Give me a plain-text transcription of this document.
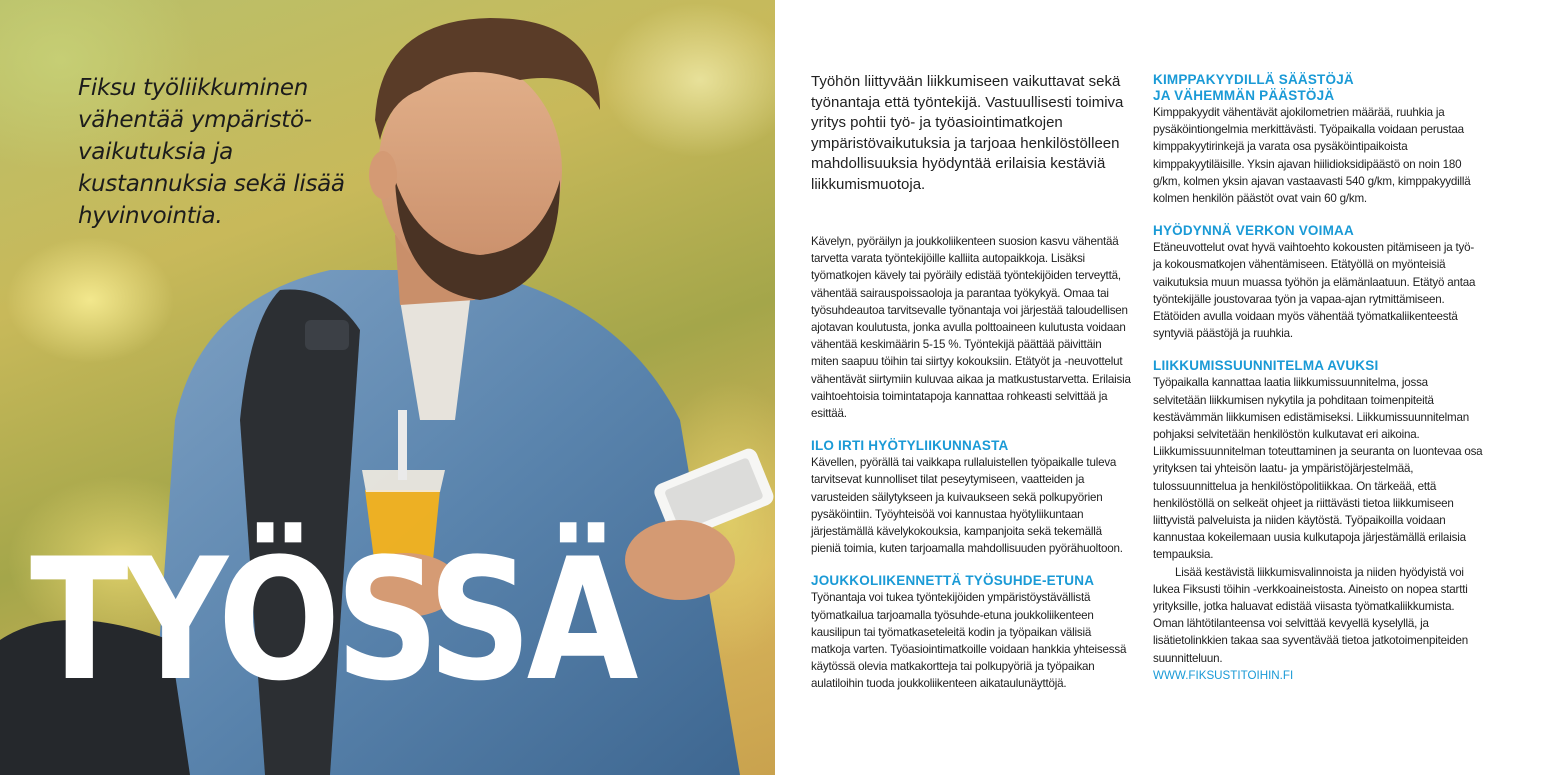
Fiksu työliikkuminen vähentää ympäristö-vaikutuksia ja kustannuksia sekä lisää hyvinvointia.

TYÖSSÄ

Työhön liittyvään liikkumiseen vaikuttavat sekä työnantaja että työntekijä. Vastuullisesti toimiva yritys pohtii työ- ja työasiointimatkojen ympäristövaikutuksia ja tarjoaa henkilöstölleen mahdollisuuksia hyödyntää erilaisia kestäviä liikkumismuotoja.

Kävelyn, pyöräilyn ja joukkoliikenteen suosion kasvu vähentää tarvetta varata työntekijöille kalliita autopaikkoja. Lisäksi työmatkojen kävely tai pyöräily edistää työntekijöiden terveyttä, vähentää sairauspoissaoloja ja parantaa työkykyä. Omaa tai työsuhdeautoa tarvitsevalle työnantaja voi järjestää taloudellisen ajotavan koulutusta, jonka avulla polttoaineen kulutusta voidaan vähentää keskimäärin 5-15 %. Työntekijä päättää päivittäin miten saapuu töihin tai siirtyy kokouksiin. Etätyöt ja -neuvottelut vähentävät siirtymiin kuluvaa aikaa ja matkustustarvetta. Erilaisia vaihtoehtoisia toimintatapoja kannattaa rohkeasti selvittää ja esittää.

ILO IRTI HYÖTYLIIKUNNASTA

Kävellen, pyörällä tai vaikkapa rullaluistellen työpaikalle tuleva tarvitsevat kunnolliset tilat peseytymiseen, vaatteiden ja varusteiden säilytykseen ja kuivaukseen sekä polkupyörien pysäköintiin. Työyhteisöä voi kannustaa hyötyliikuntaan järjestämällä kävelykokouksia, kampanjoita sekä tekemällä pieniä toimia, kuten tarjoamalla mahdollisuuden pyörähuoltoon.

JOUKKOLIIKENNETTÄ TYÖSUHDE-ETUNA

Työnantaja voi tukea työntekijöiden ympäristöystävällistä työmatkailua tarjoamalla työsuhde-etuna joukkoliikenteen kausilipun tai työmatkaseteleitä kodin ja työpaikan välisiä matkoja varten. Työasiointimatkoille voidaan hankkia yhteisessä käytössä olevia matkakortteja tai polkupyöriä ja työpaikan aulatiloihin tuoda joukkoliikenteen aikataulunäyttöjä.

KIMPPAKYYDILLÄ SÄÄSTÖJÄ JA VÄHEMMÄN PÄÄSTÖJÄ

Kimppakyydit vähentävät ajokilometrien määrää, ruuhkia ja pysäköintiongelmia merkittävästi. Työpaikalla voidaan perustaa kimppakyytirinkejä ja varata osa pysäköintipaikoista kimppakyytiläisille. Yksin ajavan hiilidioksidipäästö on noin 180 g/km, kolmen yksin ajavan vastaavasti 540 g/km, kimppakyydillä kolmen henkilön päästöt ovat vain 60 g/km.

HYÖDYNNÄ VERKON VOIMAA

Etäneuvottelut ovat hyvä vaihtoehto kokousten pitämiseen ja työ- ja kokousmatkojen vähentämiseen. Etätyöllä on myönteisiä vaikutuksia muun muassa työhön ja elämänlaatuun. Etätyö antaa työntekijälle joustovaraa työn ja vapaa-ajan rytmittämiseen. Etätöiden avulla voidaan myös vähentää työmatkaliikenteestä syntyviä päästöjä ja ruuhkia.

LIIKKUMISSUUNNITELMA AVUKSI

Työpaikalla kannattaa laatia liikkumissuunnitelma, jossa selvitetään liikkumisen nykytila ja pohditaan toimenpiteitä kestävämmän liikkumisen edistämiseksi. Liikkumissuunnitelman pohjaksi selvitetään henkilöstön kulkutavat eri aikoina. Liikkumissuunnitelman toteuttaminen ja seuranta on luontevaa osa yrityksen tai yhteisön laatu- ja ympäristöjärjestelmää, tulossuunnittelua ja henkilöstöpolitiikkaa. On tärkeää, että henkilöstöllä on selkeät ohjeet ja riittävästi tietoa liikkumiseen liittyvistä palveluista ja niiden käytöstä. Työpaikoilla voidaan kannustaa kokeilemaan uusia kulkutapoja järjestämällä erilaisia tempauksia.

Lisää kestävistä liikkumisvalinnoista ja niiden hyödyistä voi lukea Fiksusti töihin -verkkoaineistosta. Aineisto on nopea startti yrityksille, jotka haluavat edistää viisasta työmatkaliikkumista. Oman lähtötilanteensa voi selvittää kevyellä kyselyllä, ja lisätietolinkkien takaa saa syventävää tietoa jatkotoimenpiteiden suunnitteluun.

WWW.FIKSUSTITOIHIN.FI
